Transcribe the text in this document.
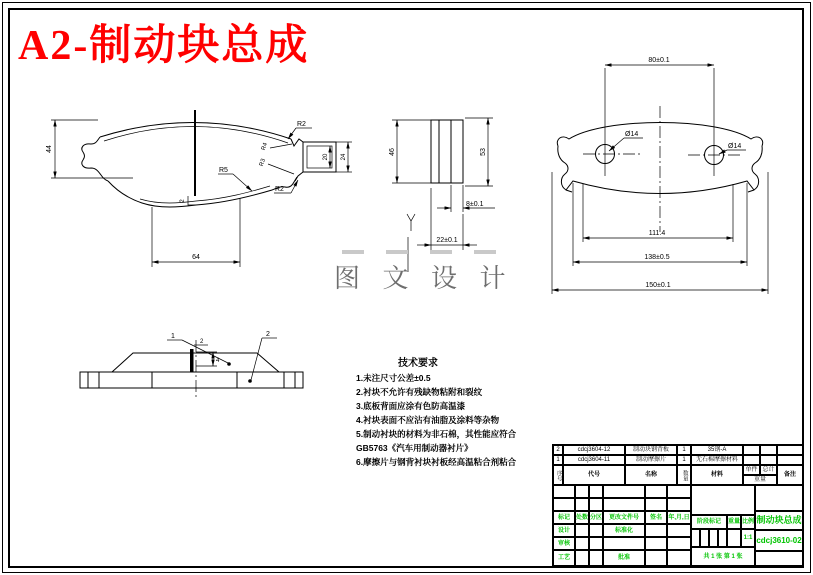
A2-制动块总成
2
44
64
R2
R4
R3
R5
R2
20 24
46	53
8±0.1
22±0.1
80±0.1
Ø14
Ø14
111.4
138±0.5
150±0.1
2
4
1	2
图 文 设 计
技术要求
1.未注尺寸公差±0.5
2.衬块不允许有残缺物粘附和裂纹
3.底板背面应涂有色防高温漆
4.衬块表面不应沾有油脂及涂料等杂物
5.制动衬块的材料为非石棉，其性能应符合
GB5763《汽车用制动器衬片》
6.摩擦片与钢背衬块衬板经高温粘合剂粘合
2	cdcj3604-12	制动块钢背板	1	35钢-A
1	cdcj3604-11	制动摩擦片	1	无石棉摩擦材料
序号	代号	名称	数量	材料
单件 总计
重量
备注
标记	处数 分区	更改文件号	签名	年,月,日
设计	标准化
审核
工艺	批准
阶段标记	重量 比例
1:1
共 1 张 第 1 张
制动块总成
cdcj3610-02
